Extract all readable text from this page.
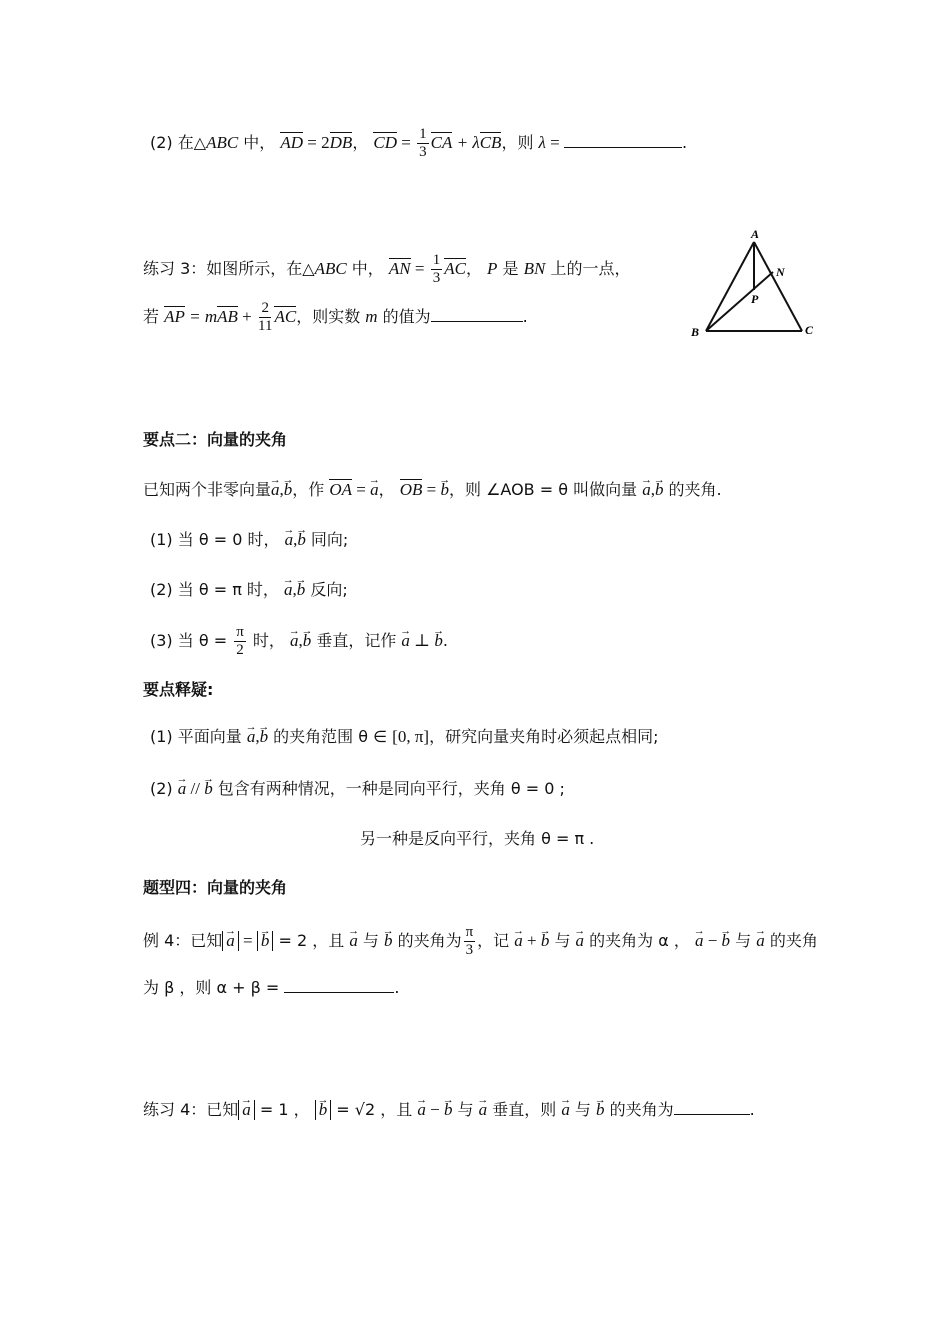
(2) 在△ABC 中， AD = 2DB， CD = $\frac{1}{3}$ CA + λCB，则 λ =	.
练习 3：如图所示，在△ABC 中， AN = $\frac{1}{3}$ AC， P 是 BN 上的一点，
若 AP = mAB + $\frac{2}{11}$ AC，则实数 m 的值为	.
A
B	C
N
P
要点二：向量的夹角
已知两个非零向量→ a,→ b，作 OA = → a， OB = → b，则 ∠AOB = θ 叫做向量 → a,→ b 的夹角.
(1) 当 θ = 0 时， → a,→ b 同向;
(2) 当 θ = π 时， → a,→ b 反向;
(3) 当 $\theta = \frac{\pi}{2}$ 时， → a,→ b 垂直，记作 → a ⊥ → b.
要点释疑:
(1) 平面向量 → a,→ b 的夹角范围 θ ∈ [0, π]，研究向量夹角时必须起点相同;
(2) → a // → b 包含有两种情况，一种是同向平行，夹角 θ = 0 ;
另一种是反向平行，夹角 θ = π .
题型四：向量的夹角
例 4：已知 → a = → b = 2 ，且 → a 与 → b 的夹角为 $\frac{\pi}{3}$ ，记 → a + → b 与 → a 的夹角为 α ， → a − → b 与 → a 的夹角
为 β ，则 α + β =	.
练习 4：已知 → a = 1 ， → b = √2 ，且 → a − → b 与 → a 垂直，则 → a 与 → b 的夹角为	.
